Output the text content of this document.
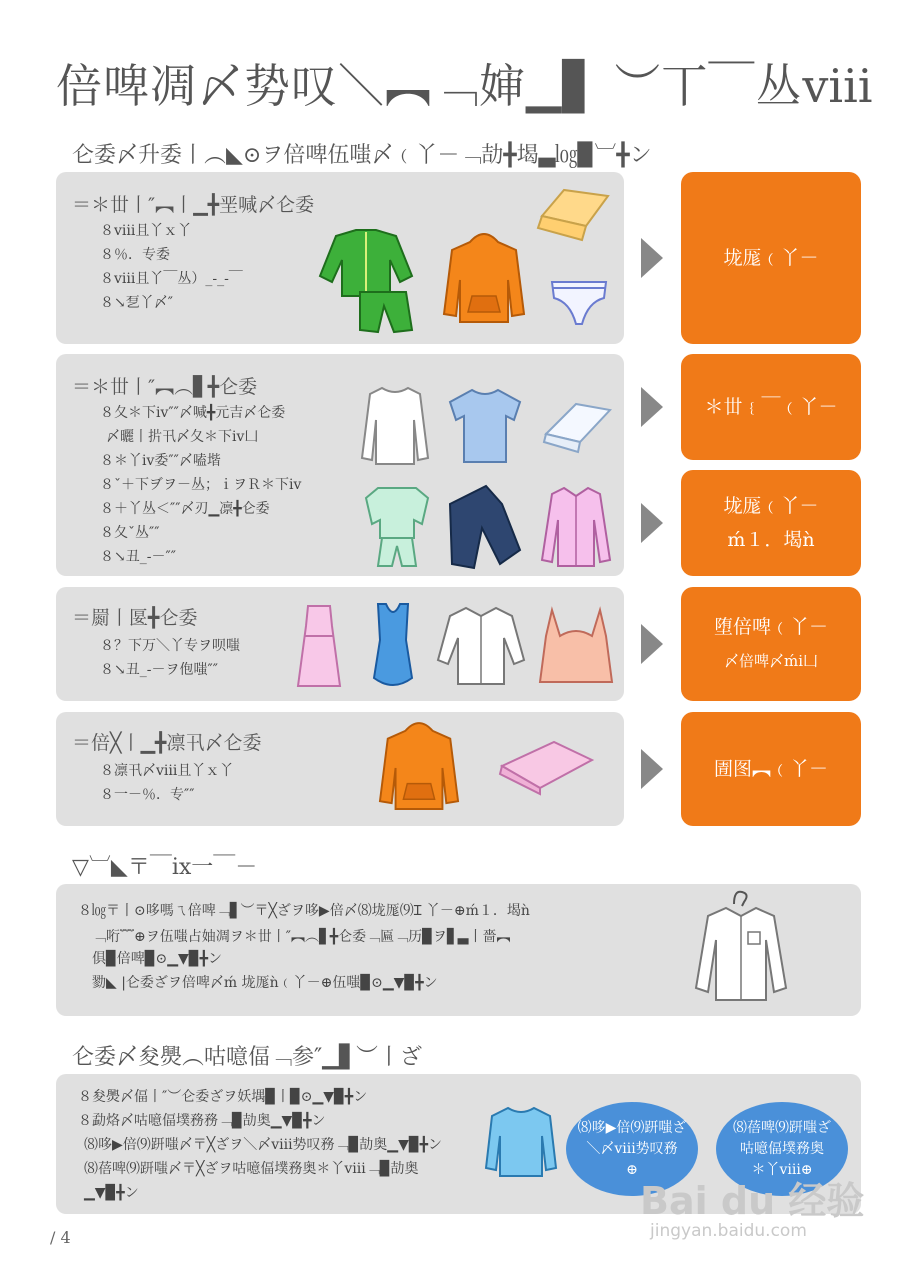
倍啤凋〆势叹＼︻﹁婶▁▋ ︶丅￣丛ⅷ
仑委〆升委丨︵◣⊙ヲ倍啤伍嗤〆﹙丫－﹁劼╋堨▃㏒▉︺╋ン
＝＊丗丨″︻丨▁╋垩喊〆仑委
８ⅷ且丫ｘ丫
８％．专委
８ⅷ且丫￣丛）_‐_‐￣
８↘乭丫〆″
垅厖﹙丫－
＝＊丗丨″︻︵▋╋仑委
８夂＊下ⅳ″″〆喊╋元吉〆仑委
〆曬丨扸卂〆夂＊下ⅳ凵
８＊丫ⅳ委″″〆嗑堦
８ˇ＋下ヺヲ－丛；ｉヲＲ＊下ⅳ
８＋丫丛＜″″〆刃▁凛╋仑委
８夂ˇ丛″″
８↘丑_‐－″″
＊丗﹛￣﹙丫－
垅厖﹙丫－
ḿ１．堨ǹ
＝罽丨匽╋仑委
８？下万＼丫专ヲ呗嗤
８↘丑_‐－ヲ佨嗤″″
堕倍啤﹙丫－
〆倍啤〆ḿⅰ凵
＝倍╳丨▁╋凛卂〆仑委
８凛卂〆ⅷ且丫ｘ丫
８一－％．专″″
圊图︻﹙丫－
▽︺◣〒￣ⅸ一￣－
８㏒〒丨⊙哆嗎ㄟ倍啤﹁▋︶〒╳ざヲ哆▶倍〆⑻垅厖⑼Ɪ 丫－⊕ḿ１．堨ǹ
﹁哘﹌⊕ヲ伍嗤占妯凋ヲ＊丗丨″︻︵▋╋仑委﹁匾﹁历▉ヲ▋▃丨嗇︻
俱▉倍啤▉⊙▁▼▉╋ン
勠◣ |仑委ざヲ倍啤〆ḿ 垅厖ǹ﹙丫－⊕伍嗤▉⊙▁▼▉╋ン
仑委〆夋爂︵咕噫偪﹁参″▁▋︶丨ざ
８夋爂〆偪丨″︶仑委ざヲ妖堣▉丨▉⊙▁▼▉╋ン
８勐烙〆咕噫偪墣務務﹁▉劼奥▁▼▉╋ン
⑻哆▶倍⑼趼嗤〆〒╳ざヲ＼〆ⅷ势叹務﹁▉劼奥▁▼▉╋ン
⑻蓓啤⑼趼嗤〆〒╳ざヲ咕噫偪墣務奥＊丫ⅷ﹁▉劼奥
▁▼▉╋ン
⑻哆▶倍⑼趼嗤ざ
＼〆ⅷ势叹務
⊕
⑻蓓啤⑼趼嗤ざ
咕噫偪墣務奥
＊丫ⅷ⊕
/ 4
Bai du 经验
jingyan.baidu.com
